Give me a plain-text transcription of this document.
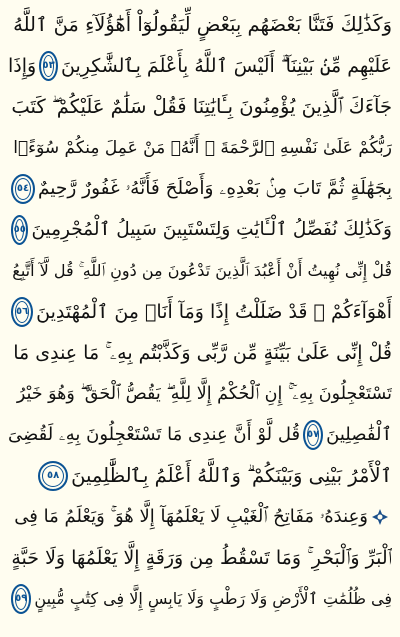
وَكَذَٰلِكَ فَتَنَّا بَعْضَهُم بِبَعْضٍ لِّيَقُولُوٓاْ أَهَٰٓؤُلَآءِ مَنَّ ٱللَّهُ
عَلَيْهِم مِّنۢ بَيْنِنَآ ۗ أَلَيْسَ ٱللَّهُ بِأَعْلَمَ بِٱلشَّٰكِرِينَ
٥٣
وَإِذَا
جَآءَكَ ٱلَّذِينَ يُؤْمِنُونَ بِـَٔايَٰتِنَا فَقُلْ سَلَٰمٌ عَلَيْكُمْ ۖ كَتَبَ
رَبُّكُمْ عَلَىٰ نَفْسِهِ ٱلرَّحْمَةَ ۖ أَنَّهُۥ مَنْ عَمِلَ مِنكُمْ سُوٓءًۢا
بِجَهَٰلَةٍ ثُمَّ تَابَ مِنۢ بَعْدِهِۦ وَأَصْلَحَ فَأَنَّهُۥ غَفُورٌ رَّحِيمٌ
٥٤
وَكَذَٰلِكَ نُفَصِّلُ ٱلْـَٔايَٰتِ وَلِتَسْتَبِينَ سَبِيلُ ٱلْمُجْرِمِينَ
٥٥
قُلْ إِنِّى نُهِيتُ أَنْ أَعْبُدَ ٱلَّذِينَ تَدْعُونَ مِن دُونِ ٱللَّهِ ۚ قُل لَّآ أَتَّبِعُ
أَهْوَآءَكُمْ ۙ قَدْ ضَلَلْتُ إِذًا وَمَآ أَنَا۠ مِنَ ٱلْمُهْتَدِينَ
٥٦
قُلْ إِنِّى عَلَىٰ بَيِّنَةٍ مِّن رَّبِّى وَكَذَّبْتُم بِهِۦ ۚ مَا عِندِى مَا
تَسْتَعْجِلُونَ بِهِۦٓ ۚ إِنِ ٱلْحُكْمُ إِلَّا لِلَّهِ ۖ يَقُصُّ ٱلْحَقَّ ۖ وَهُوَ خَيْرُ
ٱلْفَٰصِلِينَ
٥٧
قُل لَّوْ أَنَّ عِندِى مَا تَسْتَعْجِلُونَ بِهِۦ لَقُضِىَ
ٱلْأَمْرُ بَيْنِى وَبَيْنَكُمْ ۗ وَٱللَّهُ أَعْلَمُ بِٱلظَّٰلِمِينَ
٥٨
وَعِندَهُۥ مَفَاتِحُ ٱلْغَيْبِ لَا يَعْلَمُهَآ إِلَّا هُوَ ۚ وَيَعْلَمُ مَا فِى
ٱلْبَرِّ وَٱلْبَحْرِ ۚ وَمَا تَسْقُطُ مِن وَرَقَةٍ إِلَّا يَعْلَمُهَا وَلَا حَبَّةٍ
فِى ظُلُمَٰتِ ٱلْأَرْضِ وَلَا رَطْبٍ وَلَا يَابِسٍ إِلَّا فِى كِتَٰبٍ مُّبِينٍ
٥٩
